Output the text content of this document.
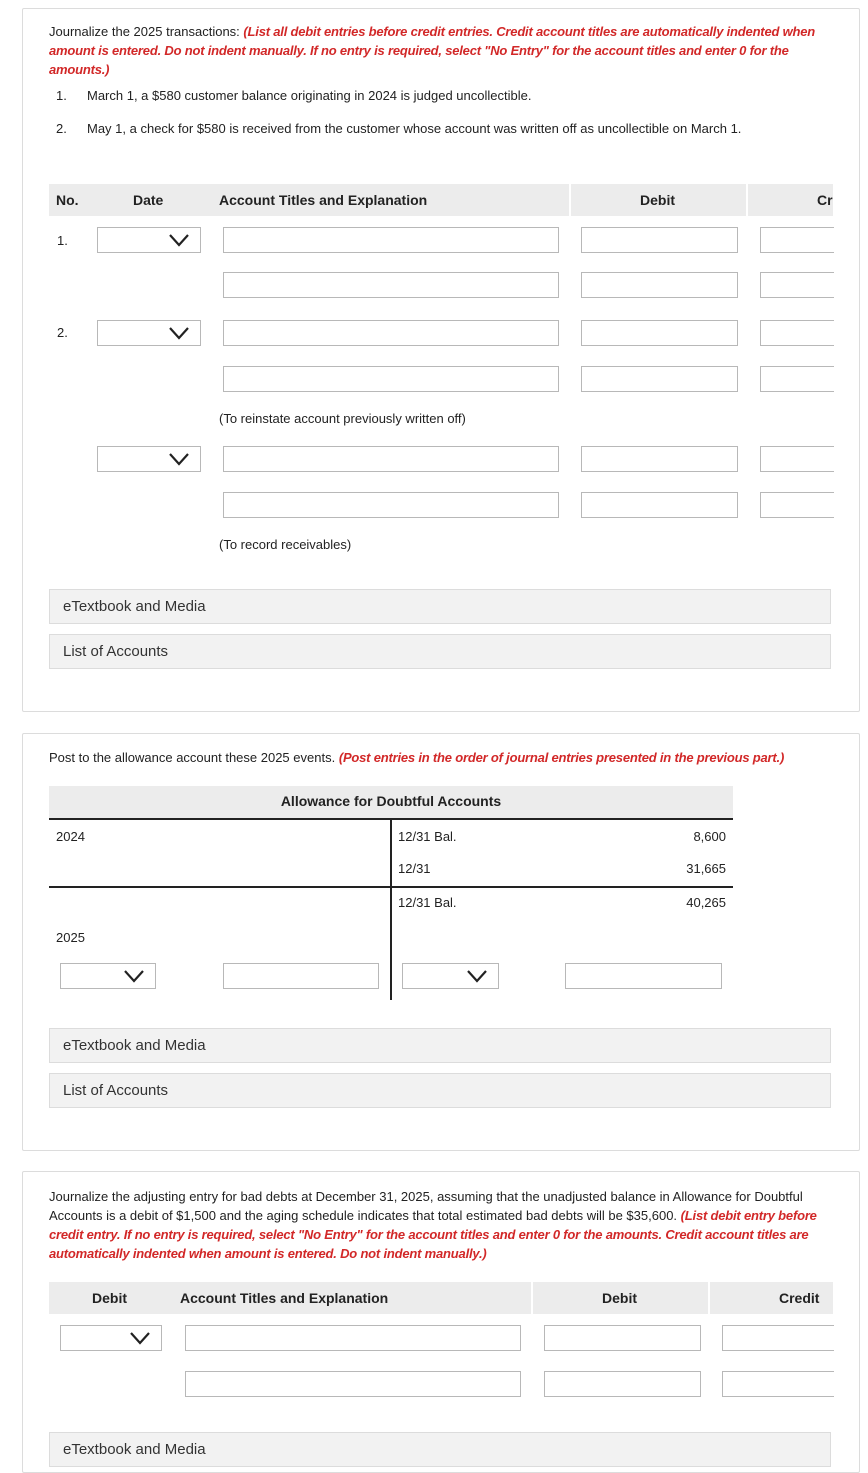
Journalize the 2025 transactions: (List all debit entries before credit entries. Credit account titles are automatically indented when amount is entered. Do not indent manually. If no entry is required, select "No Entry" for the account titles and enter 0 for the amounts.)
1. March 1, a $580 customer balance originating in 2024 is judged uncollectible.
2. May 1, a check for $580 is received from the customer whose account was written off as uncollectible on March 1.
No.	Date	Account Titles and Explanation	Debit	Cr
1.
2.
(To reinstate account previously written off)
(To record receivables)
eTextbook and Media
List of Accounts
Post to the allowance account these 2025 events. (Post entries in the order of journal entries presented in the previous part.)
Allowance for Doubtful Accounts
2024	12/31 Bal.	8,600
12/31	31,665
12/31 Bal.	40,265
2025
eTextbook and Media
List of Accounts
Journalize the adjusting entry for bad debts at December 31, 2025, assuming that the unadjusted balance in Allowance for Doubtful Accounts is a debit of $1,500 and the aging schedule indicates that total estimated bad debts will be $35,600. (List debit entry before credit entry. If no entry is required, select "No Entry" for the account titles and enter 0 for the amounts. Credit account titles are automatically indented when amount is entered. Do not indent manually.)
Debit	Account Titles and Explanation	Debit	Credit
eTextbook and Media
